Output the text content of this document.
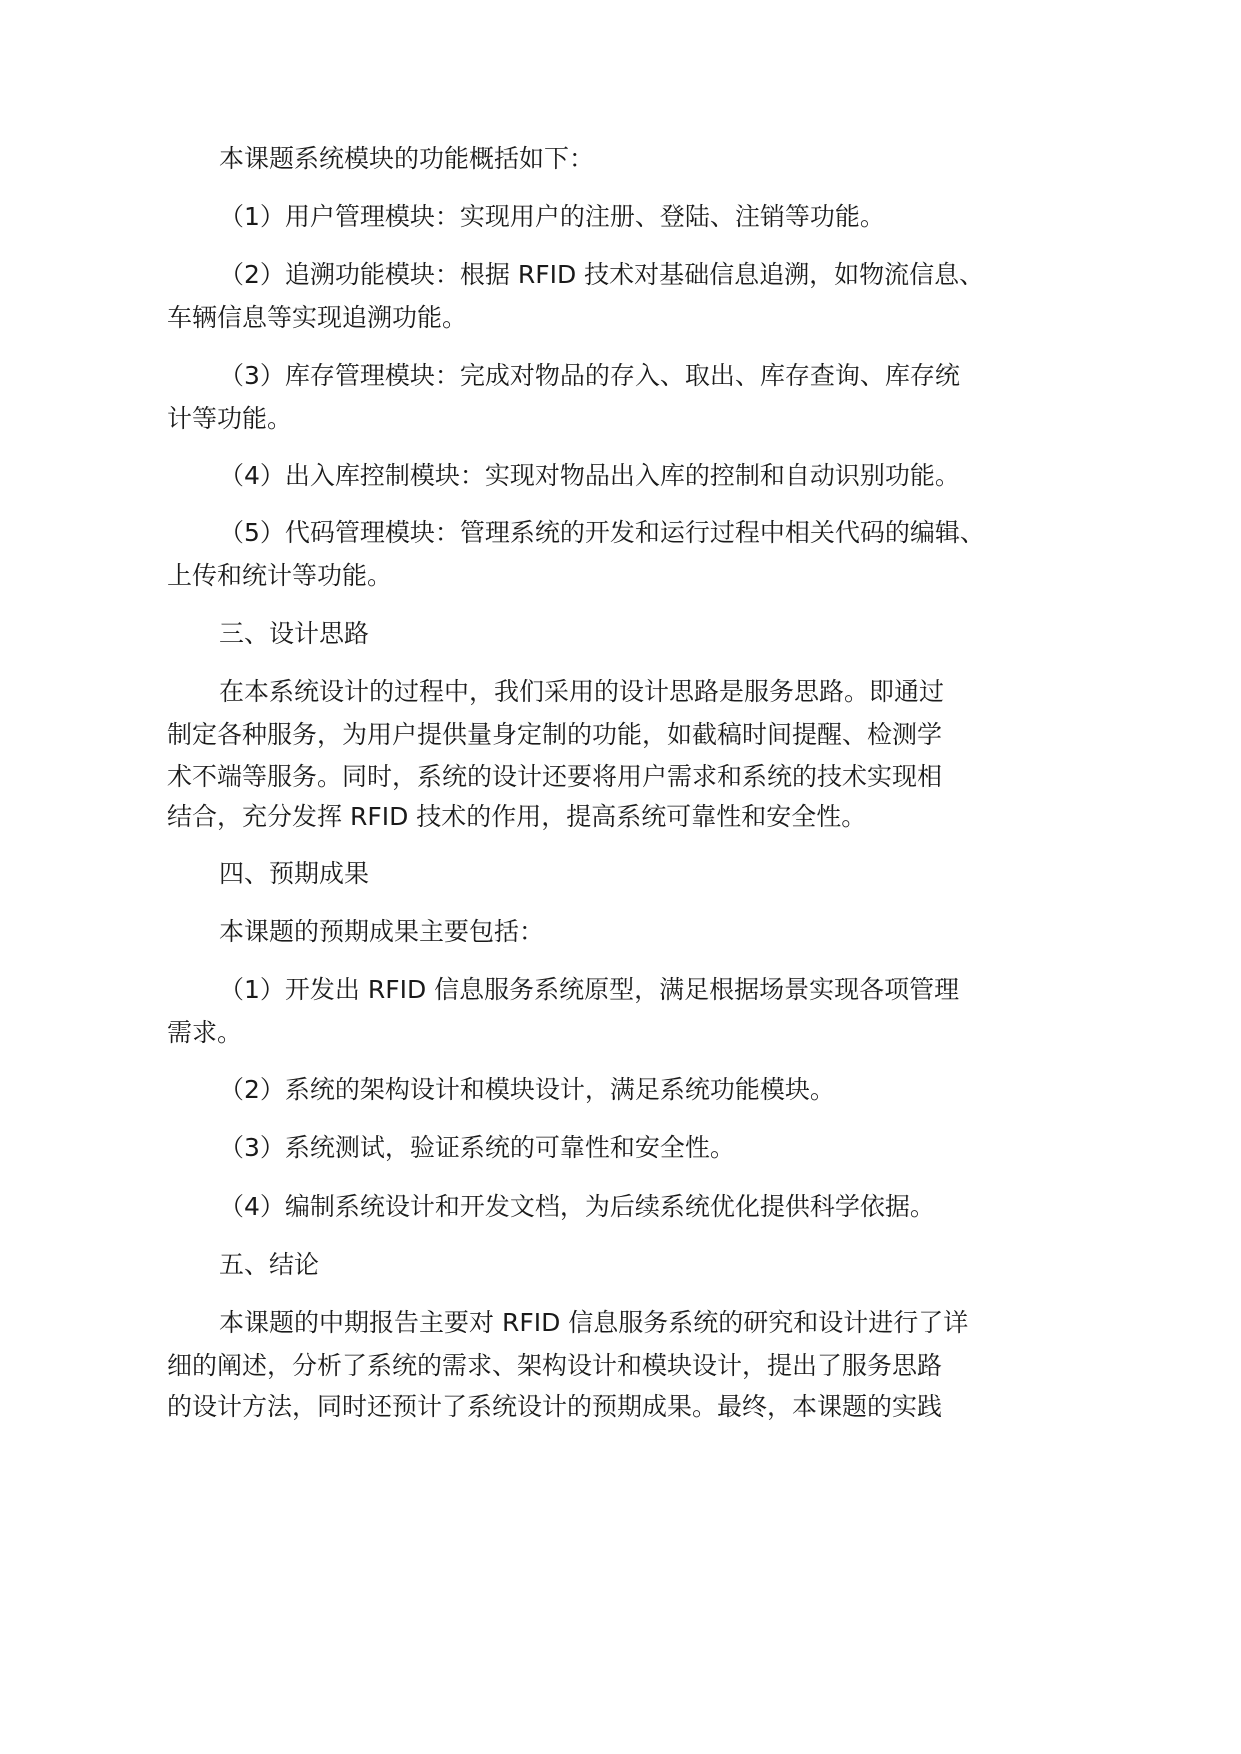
本课题系统模块的功能概括如下：

（1）用户管理模块：实现用户的注册、登陆、注销等功能。

（2）追溯功能模块：根据 RFID 技术对基础信息追溯，如物流信息、

车辆信息等实现追溯功能。

（3）库存管理模块：完成对物品的存入、取出、库存查询、库存统

计等功能。

（4）出入库控制模块：实现对物品出入库的控制和自动识别功能。

（5）代码管理模块：管理系统的开发和运行过程中相关代码的编辑、

上传和统计等功能。

三、设计思路

在本系统设计的过程中，我们采用的设计思路是服务思路。即通过

制定各种服务，为用户提供量身定制的功能，如截稿时间提醒、检测学

术不端等服务。同时，系统的设计还要将用户需求和系统的技术实现相

结合，充分发挥 RFID 技术的作用，提高系统可靠性和安全性。

四、预期成果

本课题的预期成果主要包括：

（1）开发出 RFID 信息服务系统原型，满足根据场景实现各项管理

需求。

（2）系统的架构设计和模块设计，满足系统功能模块。

（3）系统测试，验证系统的可靠性和安全性。

（4）编制系统设计和开发文档，为后续系统优化提供科学依据。

五、结论

本课题的中期报告主要对 RFID 信息服务系统的研究和设计进行了详

细的阐述，分析了系统的需求、架构设计和模块设计，提出了服务思路

的设计方法，同时还预计了系统设计的预期成果。最终，本课题的实践
